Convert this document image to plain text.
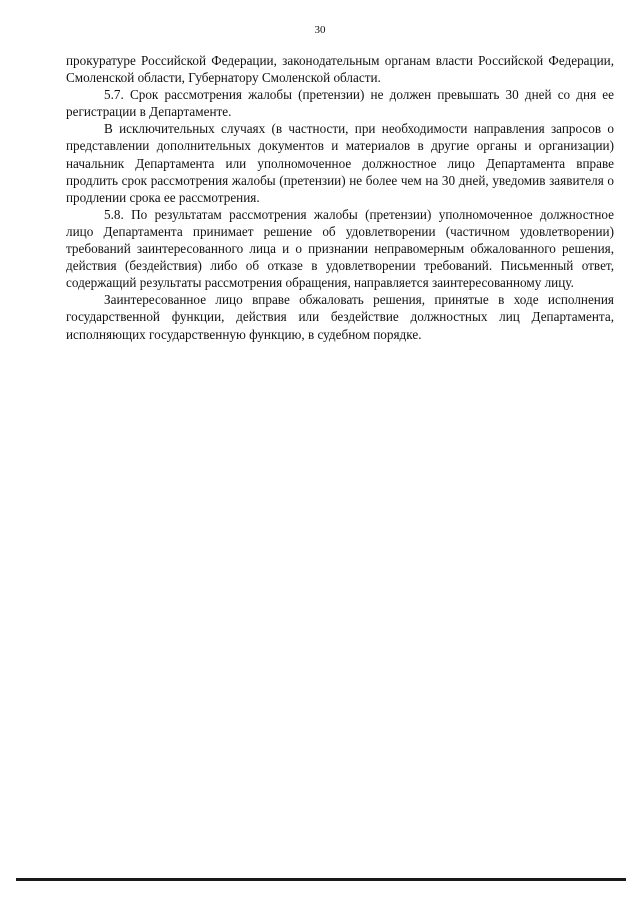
30

прокуратуре Российской Федерации, законодательным органам власти Российской Федерации, Смоленской области, Губернатору Смоленской области.

5.7. Срок рассмотрения жалобы (претензии) не должен превышать 30 дней со дня ее регистрации в Департаменте.

В исключительных случаях (в частности, при необходимости направления запросов о представлении дополнительных документов и материалов в другие органы и организации) начальник Департамента или уполномоченное должностное лицо Департамента вправе продлить срок рассмотрения жалобы (претензии) не более чем на 30 дней, уведомив заявителя о продлении срока ее рассмотрения.

5.8. По результатам рассмотрения жалобы (претензии) уполномоченное должностное лицо Департамента принимает решение об удовлетворении (частичном удовлетворении) требований заинтересованного лица и о признании неправомерным обжалованного решения, действия (бездействия) либо об отказе в удовлетворении требований. Письменный ответ, содержащий результаты рассмотрения обращения, направляется заинтересованному лицу.

Заинтересованное лицо вправе обжаловать решения, принятые в ходе исполнения государственной функции, действия или бездействие должностных лиц Департамента, исполняющих государственную функцию, в судебном порядке.
